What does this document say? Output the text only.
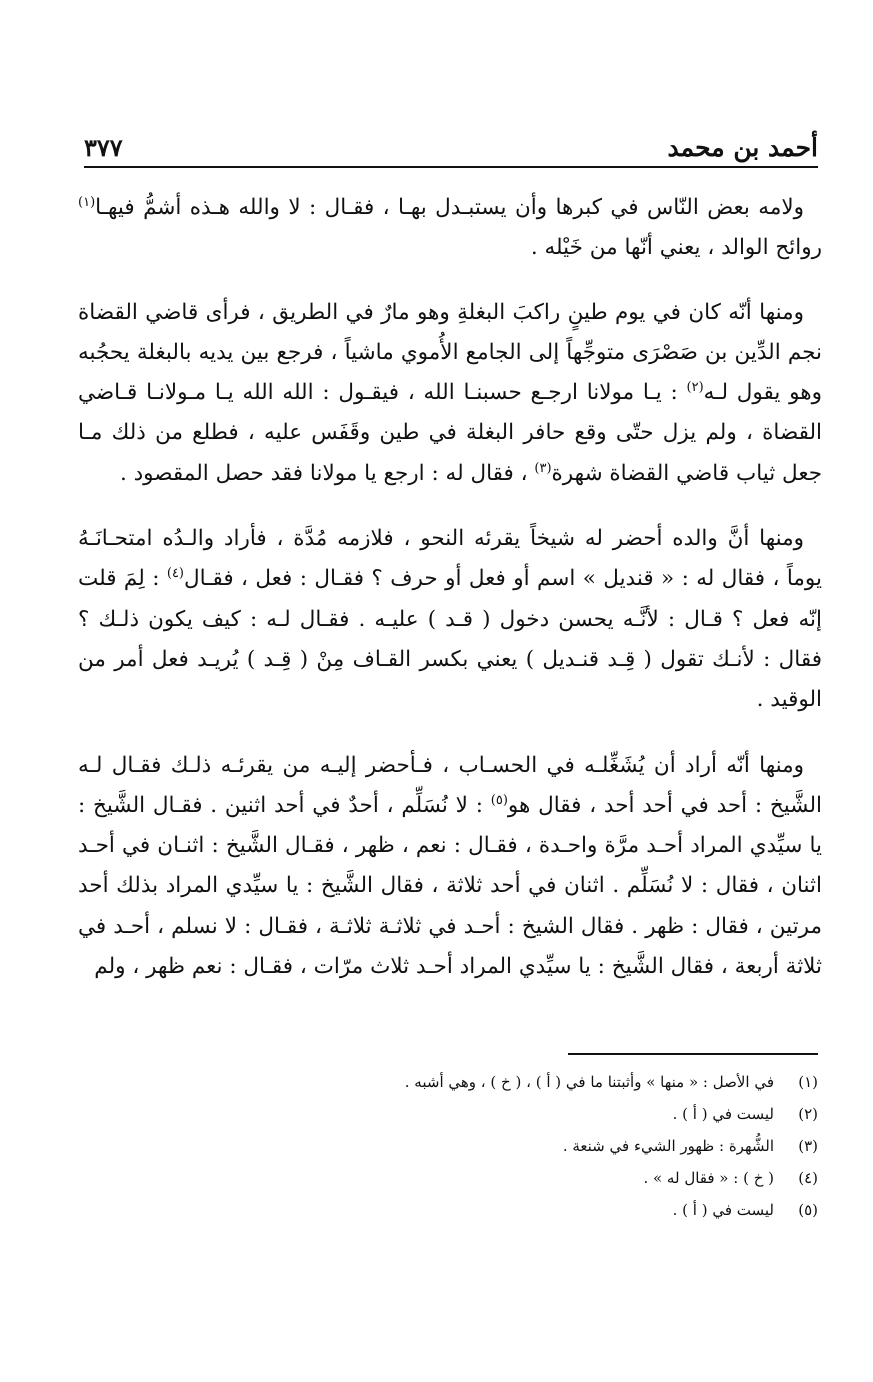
٣٧٧	أحمد بن محمد

ولامه بعض النّاس في كبرها وأن يستبـدل بهـا ، فقـال : لا والله هـذه أشمُّ فيهـا$^{(١)}$ روائح الوالد ، يعني أنّها من خَيْله .

ومنها أنّه كان في يوم طينٍ راكبَ البغلةِ وهو مارٌ في الطريق ، فرأى قاضي القضاة نجم الدِّين بن صَصْرَى متوجِّهاً إلى الجامع الأُموي ماشياً ، فرجع بين يديه بالبغلة يحجُبه وهو يقول لـه$^{(٢)}$ : يـا مولانا ارجـع حسبنـا الله ، فيقـول : الله الله يـا مـولانـا قـاضي القضاة ، ولم يزل حتّى وقع حافر البغلة في طين وقَفَس عليه ، فطلع من ذلك مـا جعل ثياب قاضي القضاة شهرة$^{(٣)}$ ، فقال له : ارجع يا مولانا فقد حصل المقصود .

ومنها أنَّ والده أحضر له شيخاً يقرئه النحو ، فلازمه مُدَّة ، فأراد والـدُه امتحـانَـهُ يوماً ، فقال له : « قنديل » اسم أو فعل أو حرف ؟ فقـال : فعل ، فقـال$^{(٤)}$ : لِمَ قلت إنّه فعل ؟ قـال : لأنَّـه يحسن دخول ( قـد ) عليـه . فقـال لـه : كيف يكون ذلـك ؟ فقال : لأنـك تقول ( قِـد قنـديل ) يعني بكسر القـاف مِنْ ( قِـد ) يُريـد فعل أمر من الوقيد .

ومنها أنّه أراد أن يُشَغِّلـه في الحسـاب ، فـأحضر إليـه من يقرئـه ذلـك فقـال لـه الشَّيخ : أحد في أحد أحد ، فقال هو$^{(٥)}$ : لا نُسَلِّم ، أحدٌ في أحد اثنين . فقـال الشَّيخ : يا سيِّدي المراد أحـد مرَّة واحـدة ، فقـال : نعم ، ظهر ، فقـال الشَّيخ : اثنـان في أحـد اثنان ، فقال : لا نُسَلِّم . اثنان في أحد ثلاثة ، فقال الشَّيخ : يا سيِّدي المراد بذلك أحد مرتين ، فقال : ظهر . فقال الشيخ : أحـد في ثلاثـة ثلاثـة ، فقـال : لا نسلم ، أحـد في ثلاثة أربعة ، فقال الشَّيخ : يا سيِّدي المراد أحـد ثلاث مرّات ، فقـال : نعم ظهر ، ولم

(١)
في الأصل : « منها » وأثبتنا ما في ( أ ) ، ( خ ) ، وهي أشبه .
(٢)
ليست في ( أ ) .
(٣)
الشُّهرة : ظهور الشيء في شنعة .
(٤)
( خ ) : « فقال له » .
(٥)
ليست في ( أ ) .
